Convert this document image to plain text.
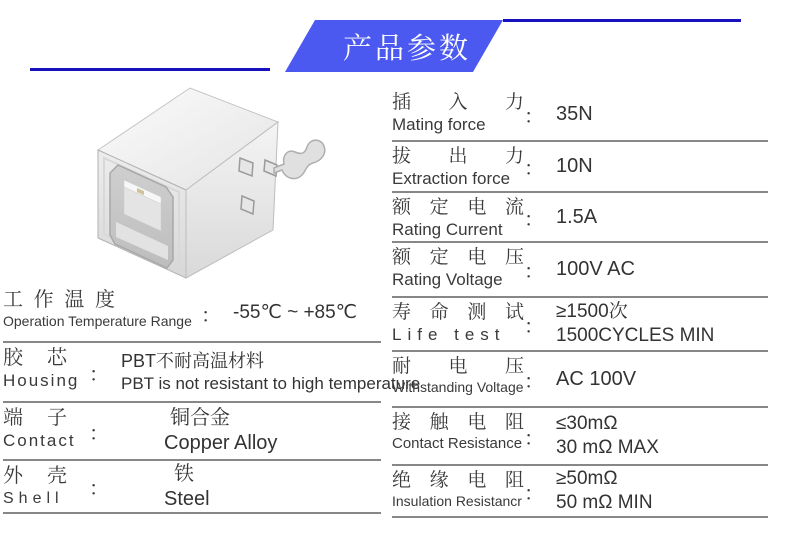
产品参数
工 作 温 度
Operation Temperature Range ： -55℃ ~ +85℃
胶 芯
Housing ：
PBT不耐高温材料
PBT is not resistant to high temperature
端 子
Contact ：
铜合金
Copper Alloy
外 壳
Shell	：
铁
Steel
插 入 力
Mating force	： 35N
拔 出 力
Extraction force ： 10N
额 定 电 流
Rating Current	： 1.5A
额 定 电 压
Rating Voltage	： 100V AC
寿 命 测 试
Life test ：
≥1500次
1500CYCLES MIN
耐 电 压
Withstanding Voltage ： AC 100V
接 触 电 阻
Contact Resistance ：
≤30mΩ
30 mΩ MAX
绝 缘 电 阻
Insulation Resistancr ：
≥50mΩ
50 mΩ MIN
